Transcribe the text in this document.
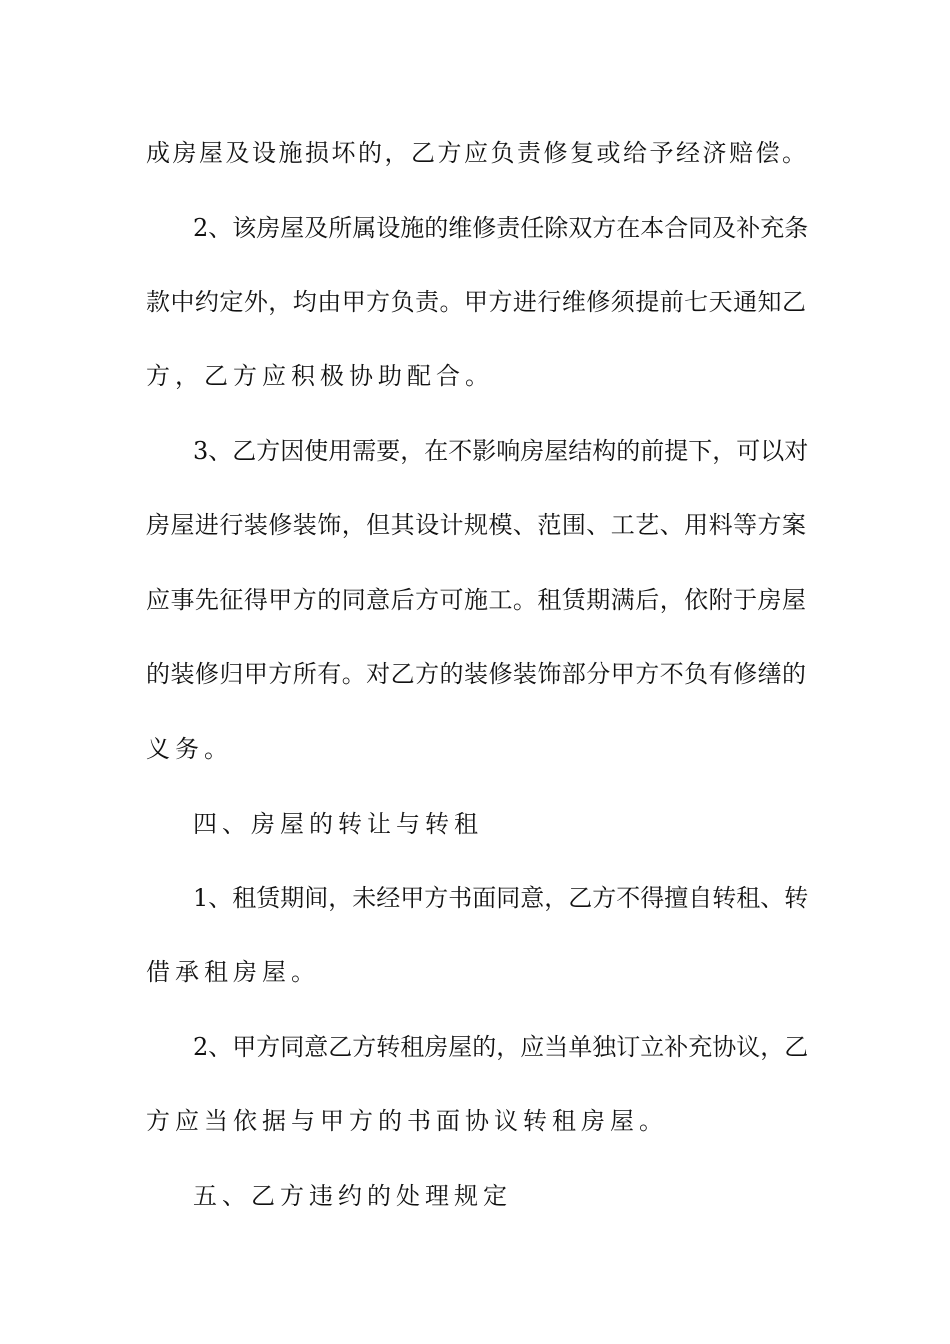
成房屋及设施损坏的，乙方应负责修复或给予经济赔偿。
2、该房屋及所属设施的维修责任除双方在本合同及补充条
款中约定外，均由甲方负责。甲方进行维修须提前七天通知乙
方，乙方应积极协助配合。
3、乙方因使用需要，在不影响房屋结构的前提下，可以对
房屋进行装修装饰，但其设计规模、范围、工艺、用料等方案
应事先征得甲方的同意后方可施工。租赁期满后，依附于房屋
的装修归甲方所有。对乙方的装修装饰部分甲方不负有修缮的
义务。
四、房屋的转让与转租
1、租赁期间，未经甲方书面同意，乙方不得擅自转租、转
借承租房屋。
2、甲方同意乙方转租房屋的，应当单独订立补充协议，乙
方应当依据与甲方的书面协议转租房屋。
五、乙方违约的处理规定
